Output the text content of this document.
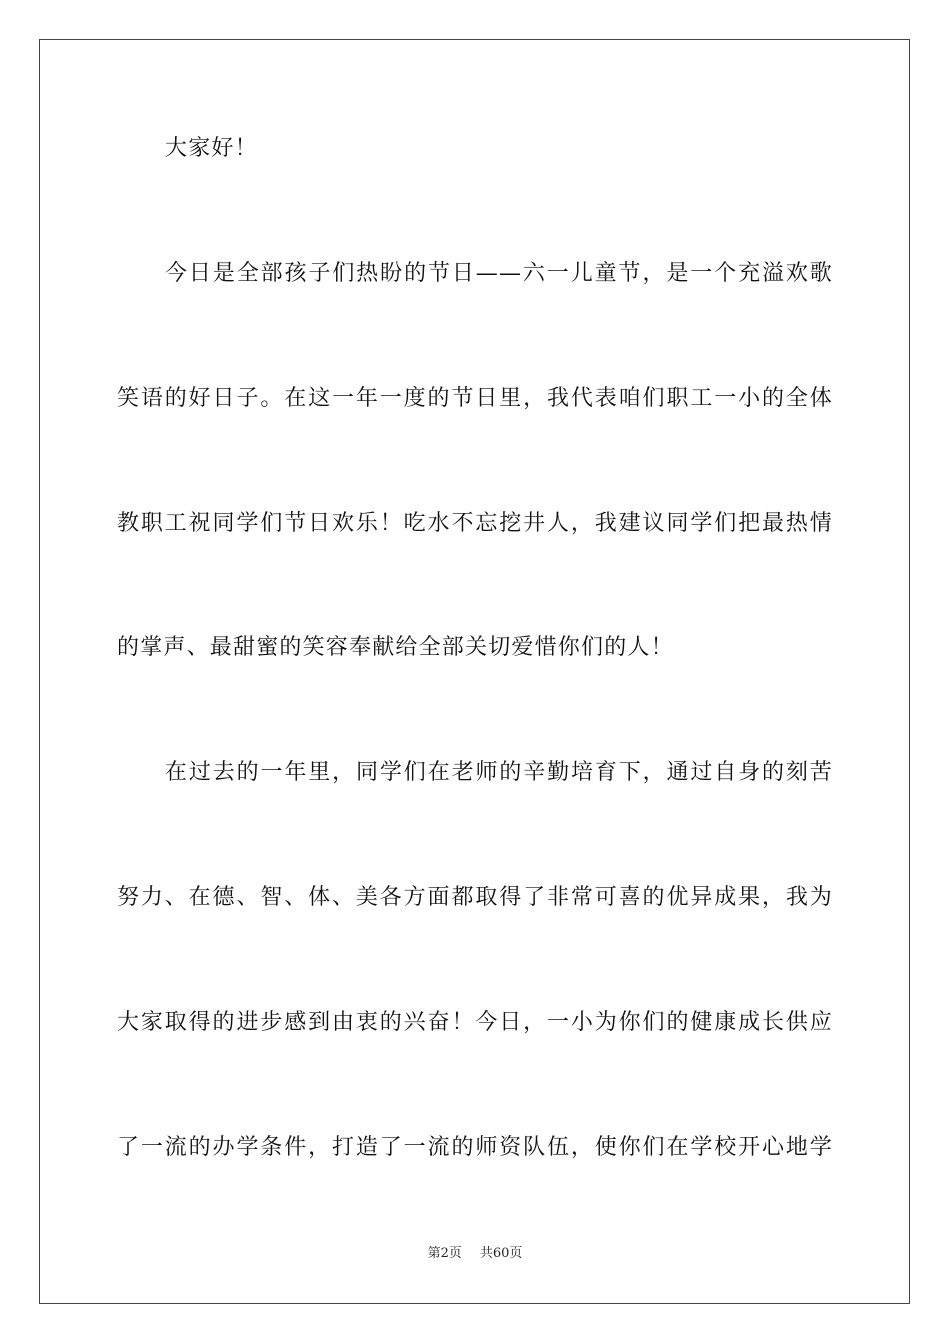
大家好！
今日是全部孩子们热盼的节日——六一儿童节，是一个充溢欢歌
笑语的好日子。在这一年一度的节日里，我代表咱们职工一小的全体
教职工祝同学们节日欢乐！吃水不忘挖井人，我建议同学们把最热情
的掌声、最甜蜜的笑容奉献给全部关切爱惜你们的人！
在过去的一年里，同学们在老师的辛勤培育下，通过自身的刻苦
努力、在德、智、体、美各方面都取得了非常可喜的优异成果，我为
大家取得的进步感到由衷的兴奋！今日，一小为你们的健康成长供应
了一流的办学条件，打造了一流的师资队伍，使你们在学校开心地学
第2页 共60页
